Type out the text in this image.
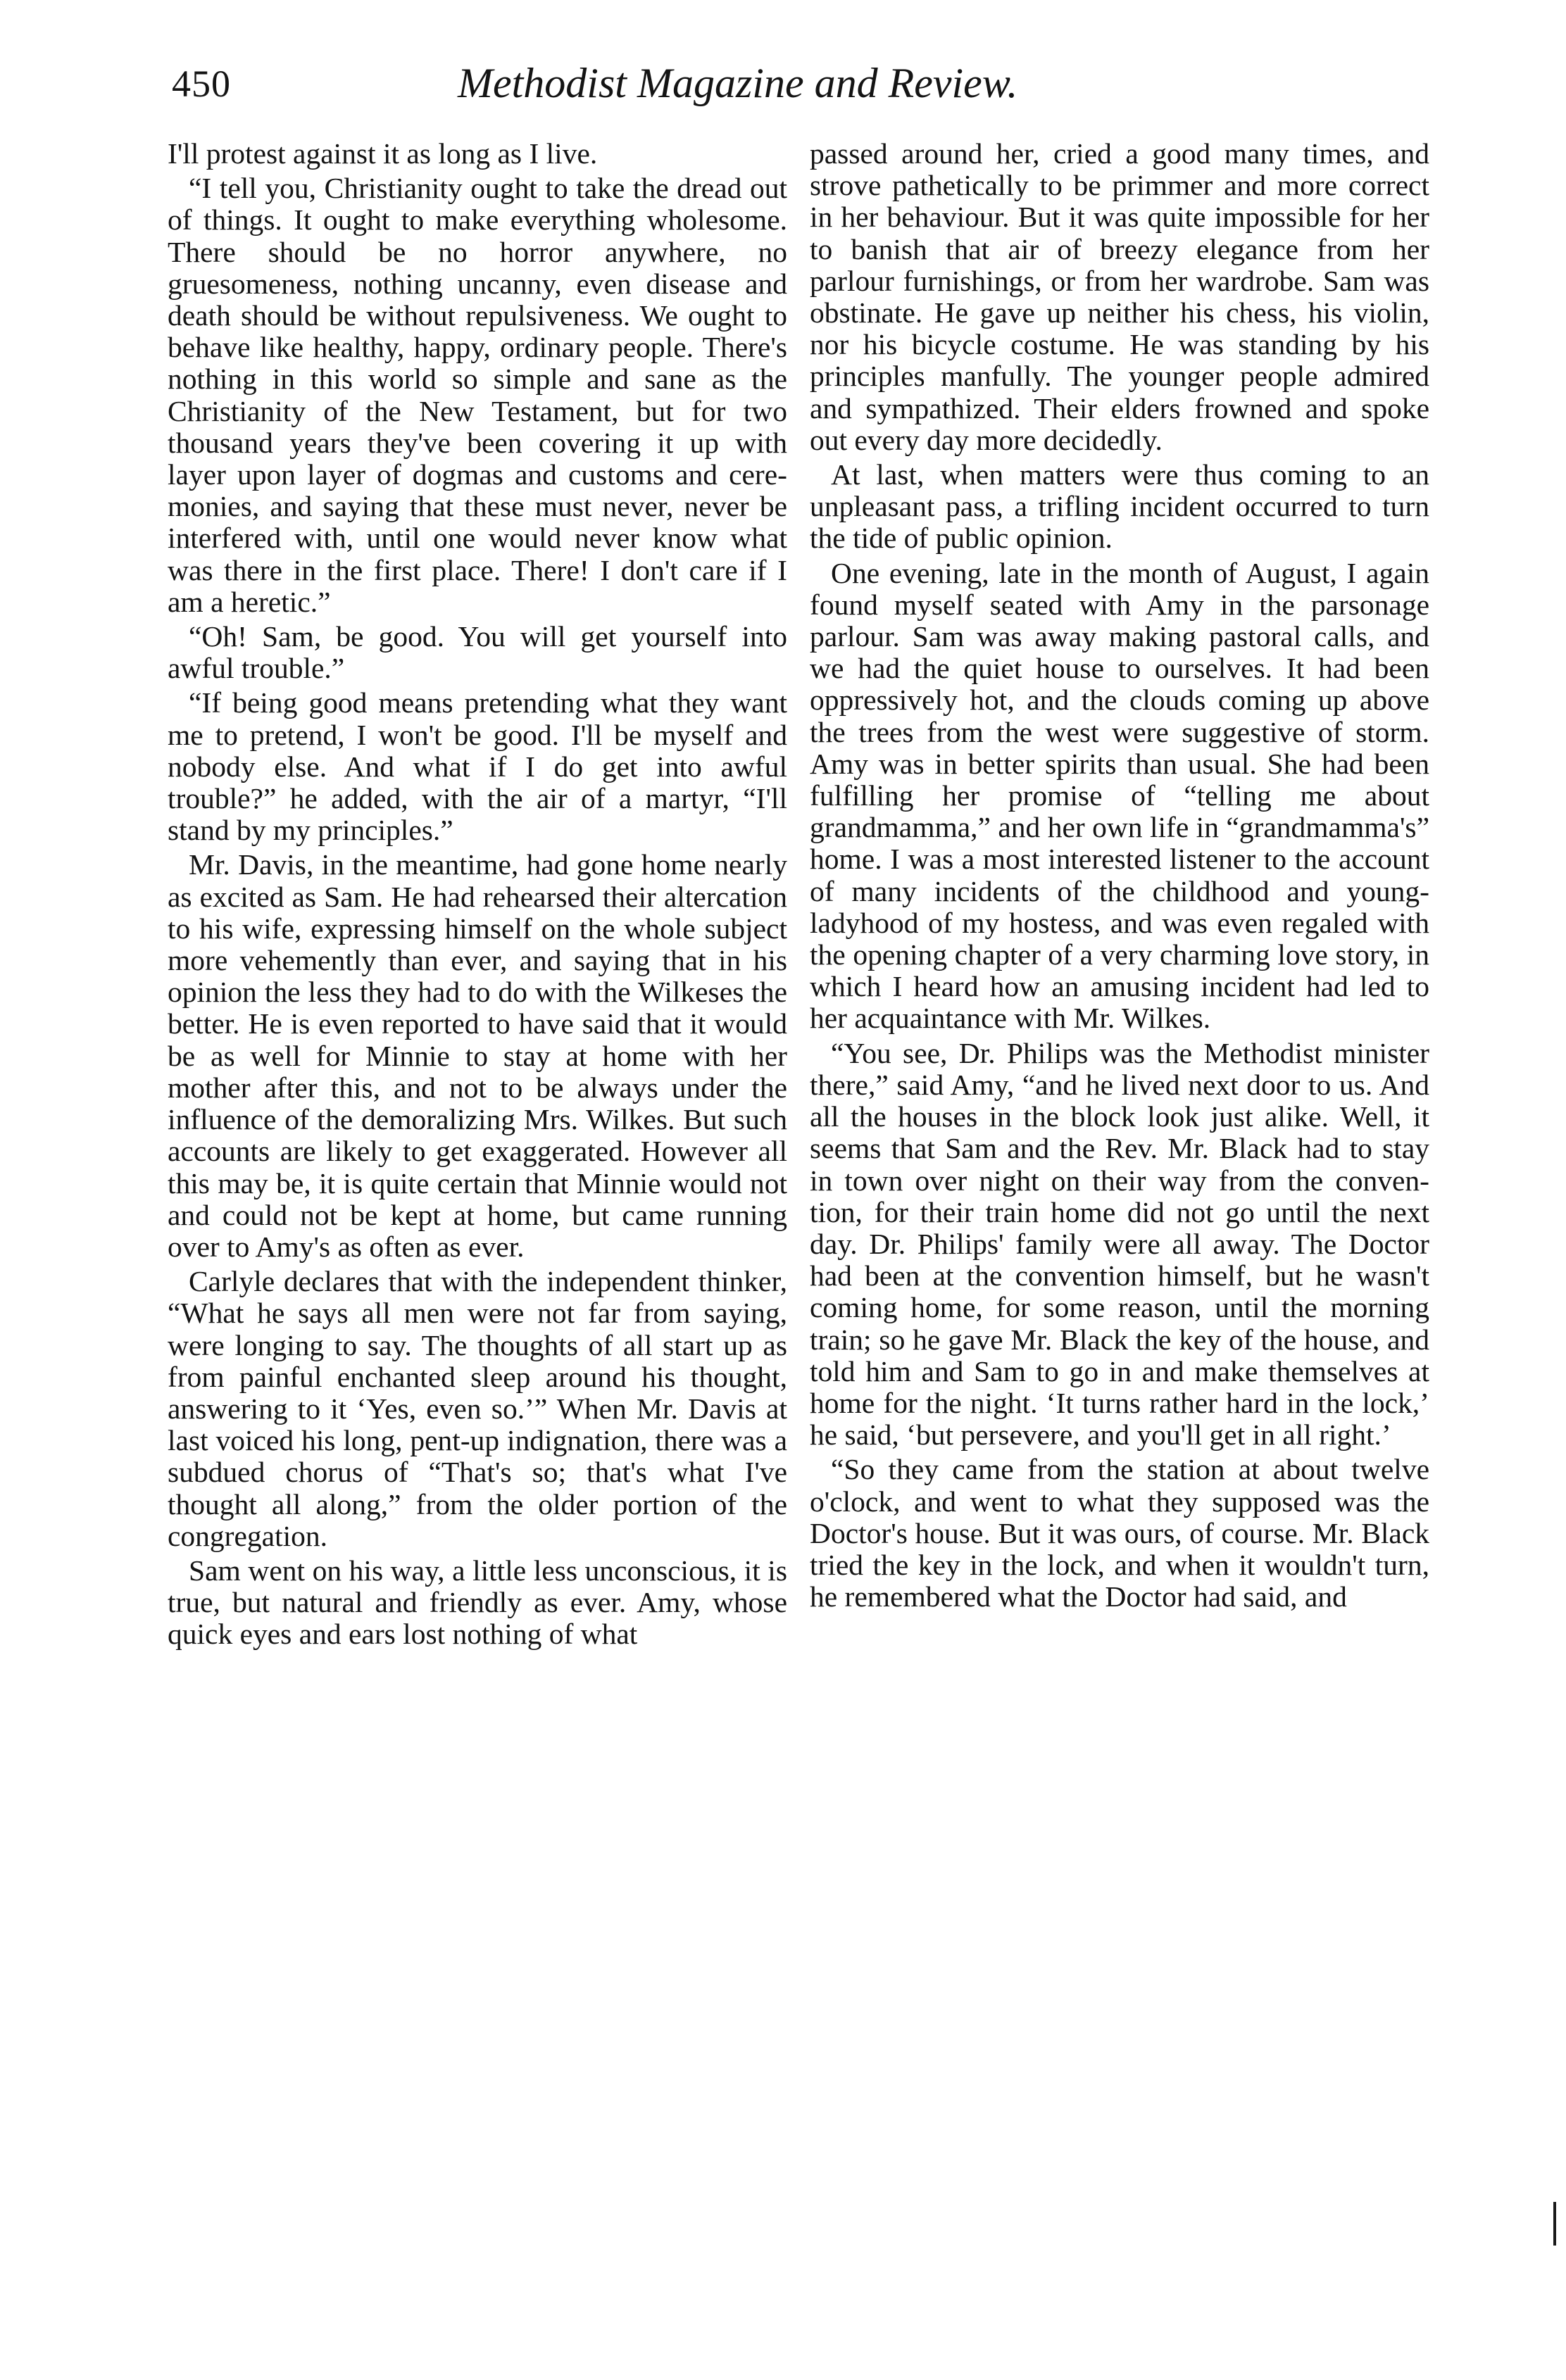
450	Methodist Magazine and Review.

I'll protest against it as long as I live.

“I tell you, Christianity ought to take the dread out of things. It ought to make everything wholesome. There should be no horror anywhere, no gruesomeness, nothing uncanny, even disease and death should be without repulsiveness. We ought to behave like healthy, happy, ordinary people. There's nothing in this world so simple and sane as the Christianity of the New Testament, but for two thousand years they've been covering it up with layer upon layer of dogmas and customs and ceremonies, and saying that these must never, never be interfered with, until one would never know what was there in the first place. There! I don't care if I am a heretic.”

“Oh! Sam, be good. You will get yourself into awful trouble.”

“If being good means pretending what they want me to pretend, I won't be good. I'll be myself and nobody else. And what if I do get into awful trouble?” he added, with the air of a martyr, “I'll stand by my principles.”

Mr. Davis, in the meantime, had gone home nearly as excited as Sam. He had rehearsed their altercation to his wife, expressing himself on the whole subject more vehemently than ever, and saying that in his opinion the less they had to do with the Wilkeses the better. He is even reported to have said that it would be as well for Minnie to stay at home with her mother after this, and not to be always under the influence of the demoralizing Mrs. Wilkes. But such accounts are likely to get exaggerated. However all this may be, it is quite certain that Minnie would not and could not be kept at home, but came running over to Amy's as often as ever.

Carlyle declares that with the independent thinker, “What he says all men were not far from saying, were longing to say. The thoughts of all start up as from painful enchanted sleep around his thought, answering to it ‘Yes, even so.’” When Mr. Davis at last voiced his long, pent-up indignation, there was a subdued chorus of “That's so; that's what I've thought all along,” from the older portion of the congregation.

Sam went on his way, a little less unconscious, it is true, but natural and friendly as ever. Amy, whose quick eyes and ears lost nothing of what

passed around her, cried a good many times, and strove pathetically to be primmer and more correct in her behaviour. But it was quite impossible for her to banish that air of breezy elegance from her parlour furnishings, or from her wardrobe. Sam was obstinate. He gave up neither his chess, his violin, nor his bicycle costume. He was standing by his principles manfully. The younger people admired and sympathized. Their elders frowned and spoke out every day more decidedly.

At last, when matters were thus coming to an unpleasant pass, a trifling incident occurred to turn the tide of public opinion.

One evening, late in the month of August, I again found myself seated with Amy in the parsonage parlour. Sam was away making pastoral calls, and we had the quiet house to ourselves. It had been oppressively hot, and the clouds coming up above the trees from the west were suggestive of storm. Amy was in better spirits than usual. She had been fulfilling her promise of “telling me about grandmamma,” and her own life in “grandmamma's” home. I was a most interested listener to the account of many incidents of the childhood and young-ladyhood of my hostess, and was even regaled with the opening chapter of a very charming love story, in which I heard how an amusing incident had led to her acquaintance with Mr. Wilkes.

“You see, Dr. Philips was the Methodist minister there,” said Amy, “and he lived next door to us. And all the houses in the block look just alike. Well, it seems that Sam and the Rev. Mr. Black had to stay in town over night on their way from the convention, for their train home did not go until the next day. Dr. Philips' family were all away. The Doctor had been at the convention himself, but he wasn't coming home, for some reason, until the morning train; so he gave Mr. Black the key of the house, and told him and Sam to go in and make themselves at home for the night. ‘It turns rather hard in the lock,’ he said, ‘but persevere, and you'll get in all right.’

“So they came from the station at about twelve o'clock, and went to what they supposed was the Doctor's house. But it was ours, of course. Mr. Black tried the key in the lock, and when it wouldn't turn, he remembered what the Doctor had said, and
